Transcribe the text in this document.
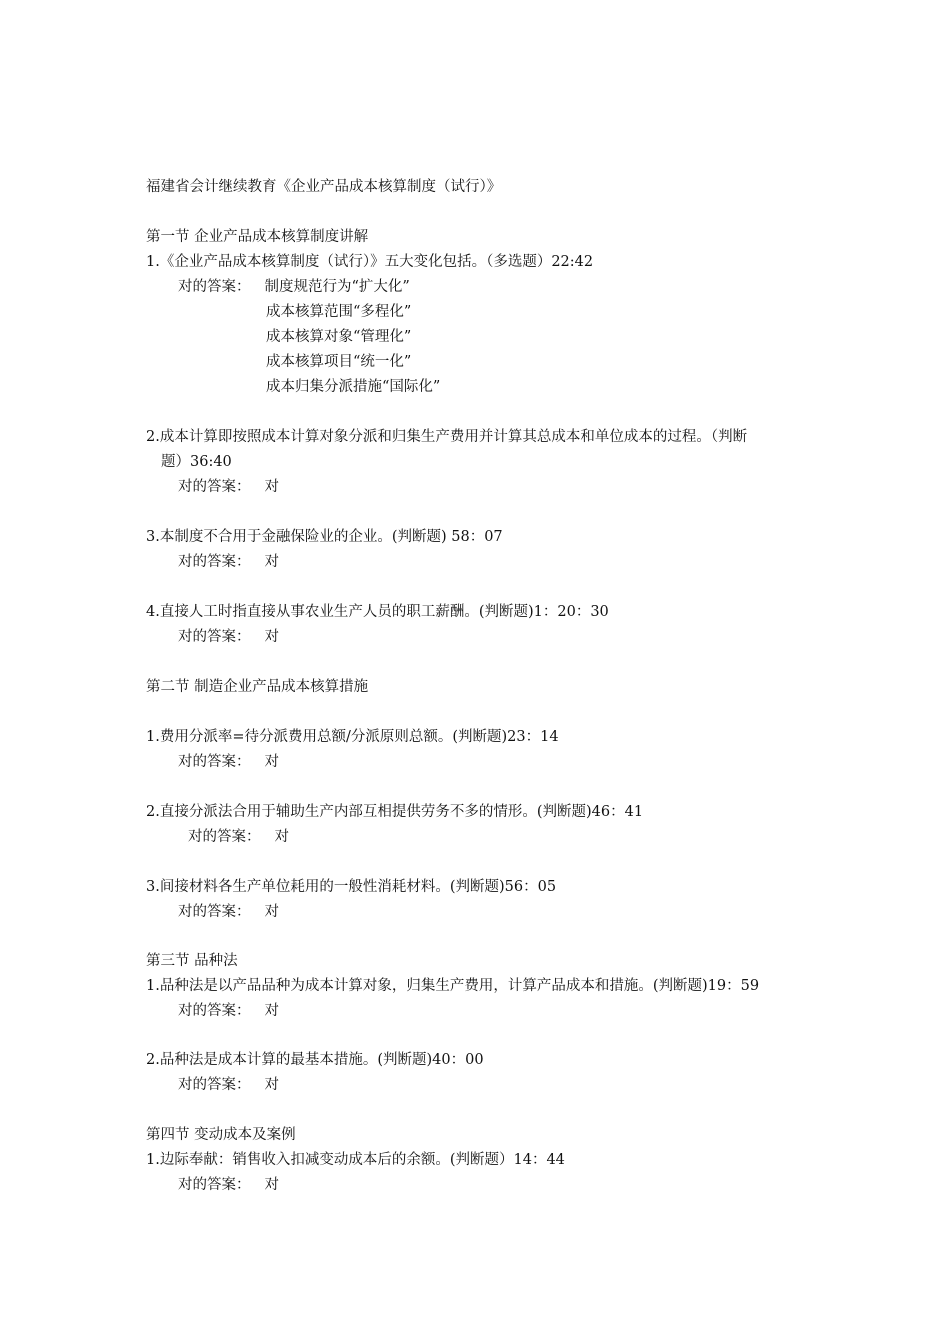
福建省会计继续教育《企业产品成本核算制度（试行）》
第一节 企业产品成本核算制度讲解
1.《企业产品成本核算制度（试行）》五大变化包括。（多选题）22:42
对的答案： 制度规范行为“扩大化”
成本核算范围“多程化”
成本核算对象“管理化”
成本核算项目“统一化”
成本归集分派措施“国际化”
2.成本计算即按照成本计算对象分派和归集生产费用并计算其总成本和单位成本的过程。（判断
题）36:40
对的答案： 对
3.本制度不合用于金融保险业的企业。(判断题) 58：07
对的答案： 对
4.直接人工时指直接从事农业生产人员的职工薪酬。(判断题)1：20：30
对的答案： 对
第二节 制造企业产品成本核算措施
1.费用分派率=待分派费用总额/分派原则总额。(判断题)23：14
对的答案： 对
2.直接分派法合用于辅助生产内部互相提供劳务不多的情形。(判断题)46：41
对的答案： 对
3.间接材料各生产单位耗用的一般性消耗材料。(判断题)56：05
对的答案： 对
第三节 品种法
1.品种法是以产品品种为成本计算对象，归集生产费用，计算产品成本和措施。(判断题)19：59
对的答案： 对
2.品种法是成本计算的最基本措施。(判断题)40：00
对的答案： 对
第四节 变动成本及案例
1.边际奉献：销售收入扣减变动成本后的余额。(判断题）14：44
对的答案： 对
